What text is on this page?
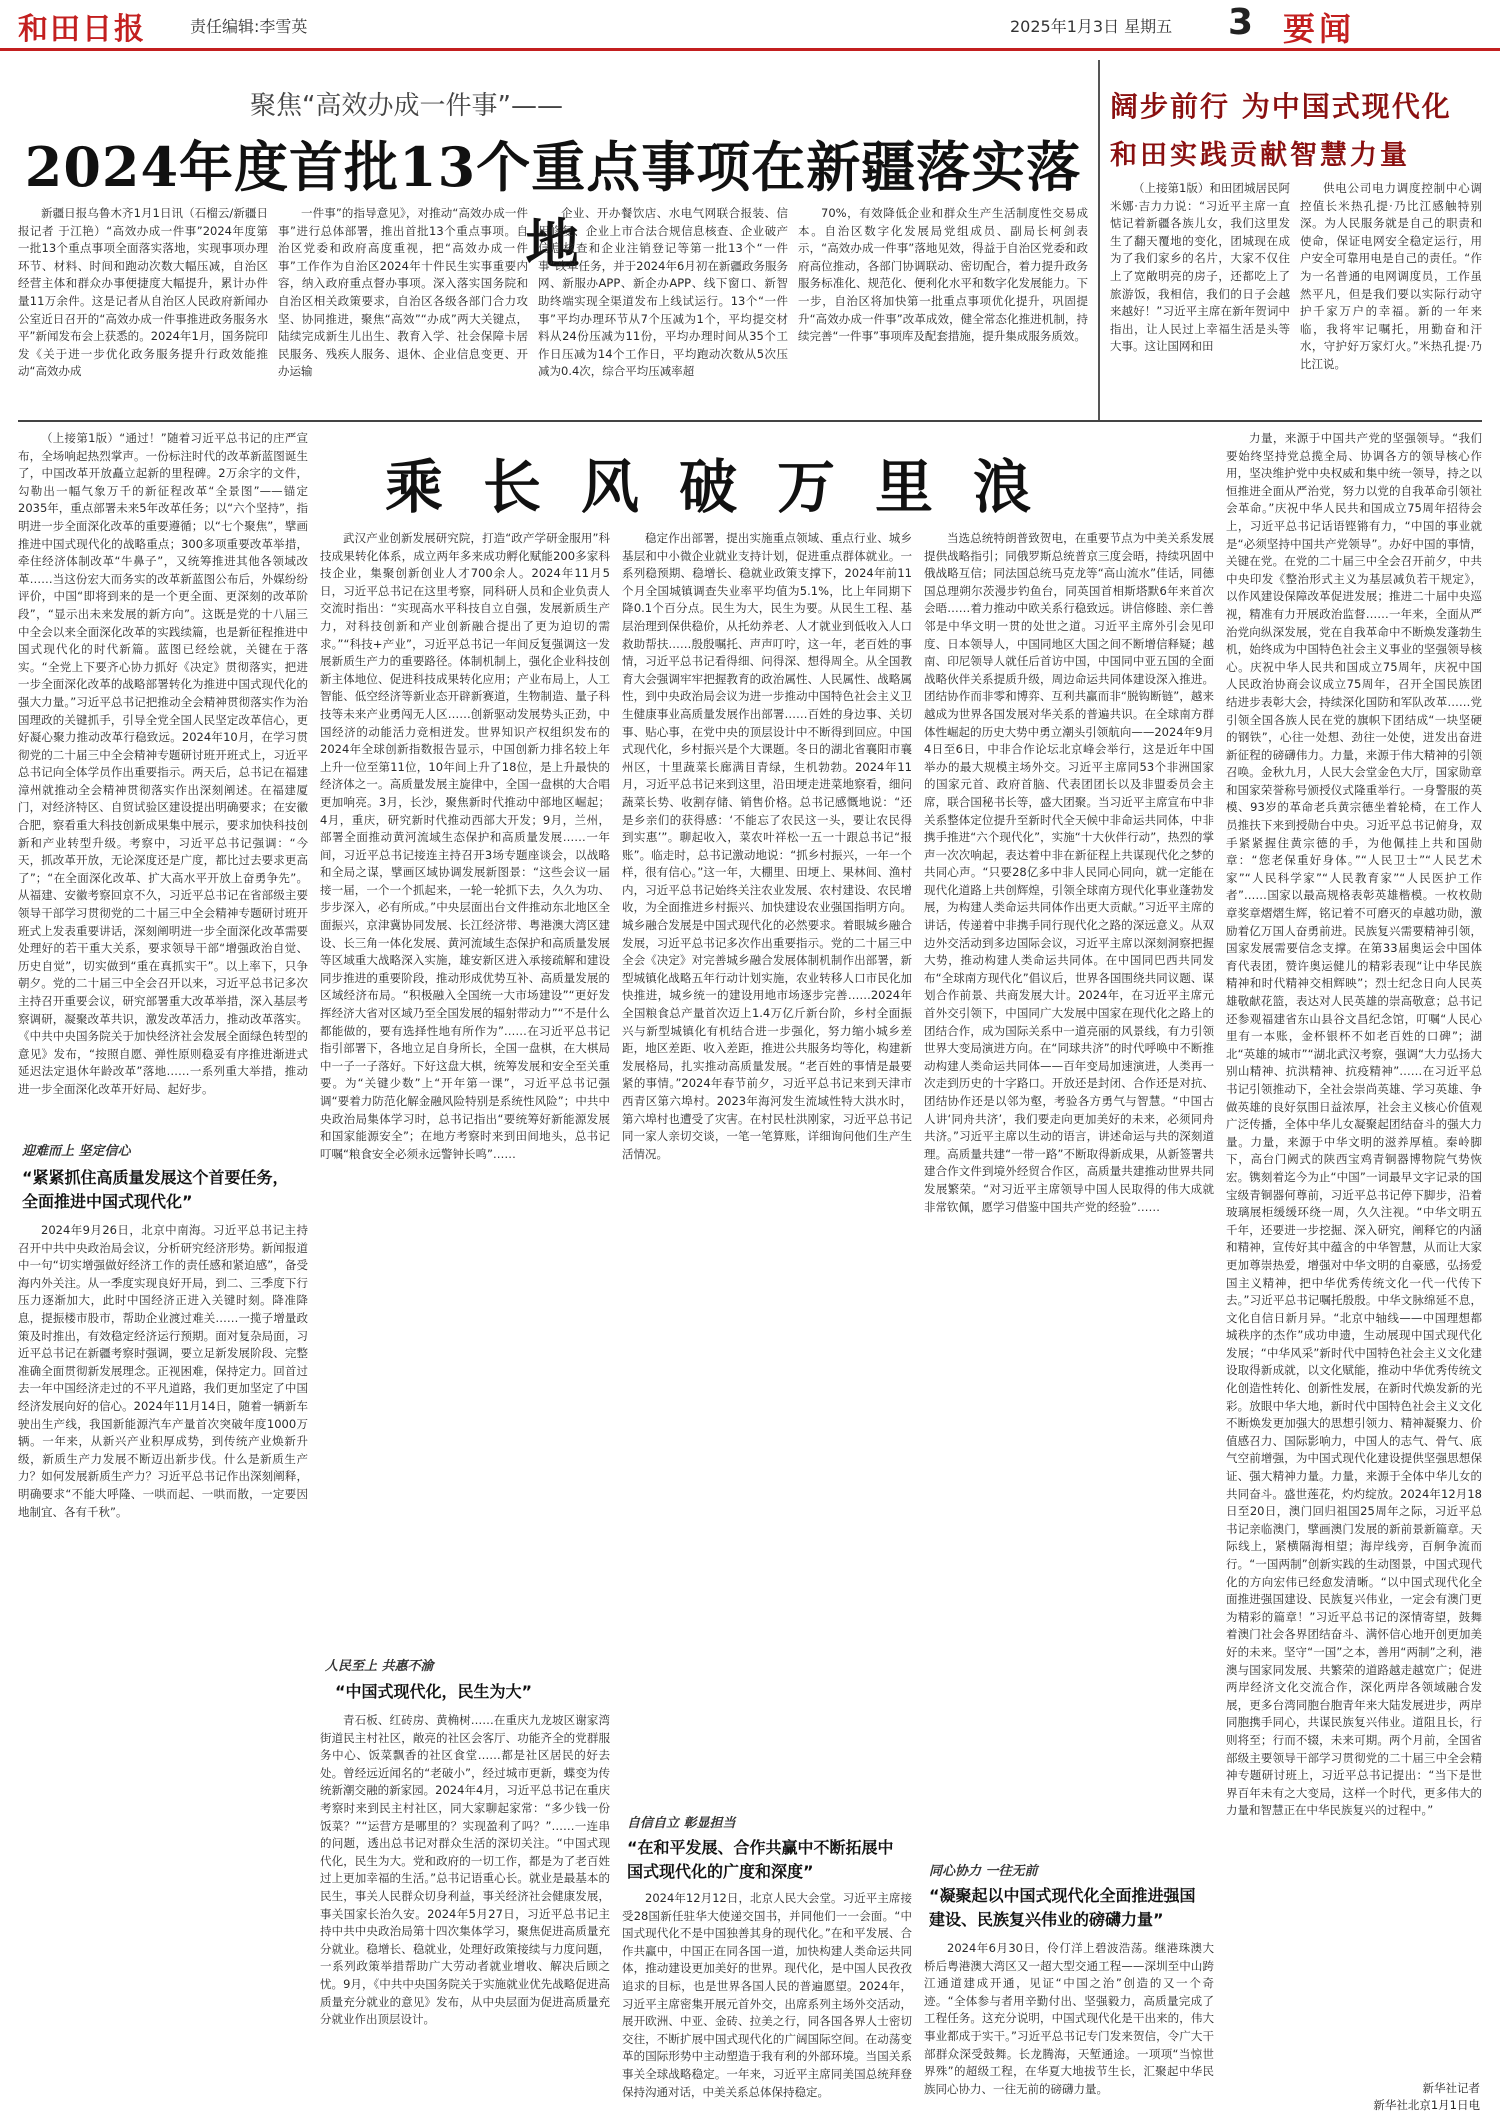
和田日报	责任编辑:李雪英	2025年1月3日 星期五 3 要闻
聚焦“高效办成一件事”——
2024年度首批13个重点事项在新疆落实落地

新疆日报乌鲁木齐1月1日讯（石榴云/新疆日报记者 于江艳）“高效办成一件事”2024年度第一批13个重点事项全面落实落地，实现事项办理环节、材料、时间和跑动次数大幅压减，自治区经营主体和群众办事便捷度大幅提升，累计办件量11万余件。这是记者从自治区人民政府新闻办公室近日召开的“高效办成一件事推进政务服务水平”新闻发布会上获悉的。2024年1月，国务院印发《关于进一步优化政务服务提升行政效能推动“高效办成

一件事”的指导意见》，对推动“高效办成一件事”进行总体部署，推出首批13个重点事项。自治区党委和政府高度重视，把“高效办成一件事”工作作为自治区2024年十件民生实事重要内容，纳入政府重点督办事项。深入落实国务院和自治区相关政策要求，自治区各级各部门合力攻坚、协同推进，聚焦“高效”“办成”两大关键点，陆续完成新生儿出生、教育入学、社会保障卡居民服务、残疾人服务、退休、企业信息变更、开办运输

企业、开办餐饮店、水电气网联合报装、信用修复、企业上市合法合规信息核查、企业破产信息核查和企业注销登记等第一批13个“一件事”改革任务，并于2024年6月初在新疆政务服务网、新服办APP、新企办APP、线下窗口、新智助终端实现全渠道发布上线试运行。13个“一件事”平均办理环节从7个压减为1个，平均提交材料从24份压减为11份，平均办理时间从35个工作日压减为14个工作日，平均跑动次数从5次压减为0.4次，综合平均压减率超

70%，有效降低企业和群众生产生活制度性交易成本。自治区数字化发展局党组成员、副局长柯剑表示，“高效办成一件事”落地见效，得益于自治区党委和政府高位推动，各部门协调联动、密切配合，着力提升政务服务标准化、规范化、便利化水平和数字化发展能力。下一步，自治区将加快第一批重点事项优化提升，巩固提升“高效办成一件事”改革成效，健全常态化推进机制，持续完善“一件事”事项库及配套措施，提升集成服务质效。

阔步前行 为中国式现代化
和田实践贡献智慧力量

（上接第1版）和田团城居民阿米娜·吉力力说：“习近平主席一直惦记着新疆各族儿女，我们这里发生了翻天覆地的变化，团城现在成为了我们家乡的名片，大家不仅住上了宽敞明亮的房子，还都吃上了旅游饭，我相信，我们的日子会越来越好！”习近平主席在新年贺词中指出，让人民过上幸福生活是头等大事。这让国网和田

供电公司电力调度控制中心调控值长米热孔提·乃比江感触特别深。为人民服务就是自己的职责和使命，保证电网安全稳定运行，用户安全可靠用电是自己的责任。“作为一名普通的电网调度员，工作虽然平凡，但是我们要以实际行动守护千家万户的幸福。新的一年来临，我将牢记嘱托，用勤奋和汗水，守护好万家灯火。”米热孔提·乃比江说。

乘长风破万里浪

（上接第1版）“通过！”随着习近平总书记的庄严宣布，全场响起热烈掌声。一份标注时代的改革新蓝图诞生了，中国改革开放矗立起新的里程碑。2万余字的文件，勾勒出一幅气象万千的新征程改革“全景图”——锚定2035年，重点部署未来5年改革任务；以“六个坚持”，指明进一步全面深化改革的重要遵循；以“七个聚焦”，擘画推进中国式现代化的战略重点；300多项重要改革举措，牵住经济体制改革“牛鼻子”，又统筹推进其他各领域改革……当这份宏大而务实的改革新蓝图公布后，外媒纷纷评价，中国“即将到来的是一个更全面、更深刻的改革阶段”，“显示出未来发展的新方向”。这既是党的十八届三中全会以来全面深化改革的实践续篇，也是新征程推进中国式现代化的时代新篇。蓝图已经绘就，关键在于落实。“全党上下要齐心协力抓好《决定》贯彻落实，把进一步全面深化改革的战略部署转化为推进中国式现代化的强大力量。”习近平总书记把推动全会精神贯彻落实作为治国理政的关键抓手，引导全党全国人民坚定改革信心，更好凝心聚力推动改革行稳致远。2024年10月，在学习贯彻党的二十届三中全会精神专题研讨班开班式上，习近平总书记向全体学员作出重要指示。两天后，总书记在福建漳州就推动全会精神贯彻落实作出深刻阐述。在福建厦门，对经济特区、自贸试验区建设提出明确要求；在安徽合肥，察看重大科技创新成果集中展示，要求加快科技创新和产业转型升级。考察中，习近平总书记强调：“今天，抓改革开放，无论深度还是广度，都比过去要求更高了”；“在全面深化改革、扩大高水平开放上奋勇争先”。从福建、安徽考察回京不久，习近平总书记在省部级主要领导干部学习贯彻党的二十届三中全会精神专题研讨班开班式上发表重要讲话，深刻阐明进一步全面深化改革需要处理好的若干重大关系，要求领导干部“增强政治自觉、历史自觉”，切实做到“重在真抓实干”。以上率下，只争朝夕。党的二十届三中全会召开以来，习近平总书记多次主持召开重要会议，研究部署重大改革举措，深入基层考察调研，凝聚改革共识，激发改革活力，推动改革落实。《中共中央国务院关于加快经济社会发展全面绿色转型的意见》发布，“按照自愿、弹性原则稳妥有序推进渐进式延迟法定退休年龄改革”落地……一系列重大举措，推动进一步全面深化改革开好局、起好步。

迎难而上 坚定信心
“紧紧抓住高质量发展这个首要任务，全面推进中国式现代化”

2024年9月26日，北京中南海。习近平总书记主持召开中共中央政治局会议，分析研究经济形势。新闻报道中一句“切实增强做好经济工作的责任感和紧迫感”，备受海内外关注。从一季度实现良好开局，到二、三季度下行压力逐渐加大，此时中国经济正进入关键时刻。降准降息，提振楼市股市，帮助企业渡过难关……一揽子增量政策及时推出，有效稳定经济运行预期。面对复杂局面，习近平总书记在新疆考察时强调，要立足新发展阶段、完整准确全面贯彻新发展理念。正视困难，保持定力。回首过去一年中国经济走过的不平凡道路，我们更加坚定了中国经济发展向好的信心。2024年11月14日，随着一辆新车驶出生产线，我国新能源汽车产量首次突破年度1000万辆。一年来，从新兴产业积厚成势，到传统产业焕新升级，新质生产力发展不断迈出新步伐。什么是新质生产力？如何发展新质生产力？习近平总书记作出深刻阐释，明确要求“不能大呼隆、一哄而起、一哄而散，一定要因地制宜、各有千秋”。

武汉产业创新发展研究院，打造“政产学研金服用”科技成果转化体系，成立两年多来成功孵化赋能200多家科技企业，集聚创新创业人才700余人。2024年11月5日，习近平总书记在这里考察，同科研人员和企业负责人交流时指出：“实现高水平科技自立自强，发展新质生产力，对科技创新和产业创新融合提出了更为迫切的需求。”“科技+产业”，习近平总书记一年间反复强调这一发展新质生产力的重要路径。体制机制上，强化企业科技创新主体地位、促进科技成果转化应用；产业布局上，人工智能、低空经济等新业态开辟新赛道，生物制造、量子科技等未来产业勇闯无人区……创新驱动发展势头正劲，中国经济的动能活力竞相迸发。世界知识产权组织发布的2024年全球创新指数报告显示，中国创新力排名较上年上升一位至第11位，10年间上升了18位，是上升最快的经济体之一。高质量发展主旋律中，全国一盘棋的大合唱更加响亮。3月，长沙，聚焦新时代推动中部地区崛起；4月，重庆，研究新时代推动西部大开发；9月，兰州，部署全面推动黄河流域生态保护和高质量发展……一年间，习近平总书记接连主持召开3场专题座谈会，以战略和全局之谋，擘画区域协调发展新图景：“这些会议一届接一届，一个一个抓起来，一轮一轮抓下去，久久为功、步步深入，必有所成。”中央层面出台文件推动东北地区全面振兴，京津冀协同发展、长江经济带、粤港澳大湾区建设、长三角一体化发展、黄河流域生态保护和高质量发展等区域重大战略深入实施，雄安新区进入承接疏解和建设同步推进的重要阶段，推动形成优势互补、高质量发展的区域经济布局。“积极融入全国统一大市场建设”“更好发挥经济大省对区域乃至全国发展的辐射带动力”“不是什么都能做的，要有选择性地有所作为”……在习近平总书记指引部署下，各地立足自身所长，全国一盘棋，在大棋局中一子一子落好。下好这盘大棋，统筹发展和安全至关重要。为“关键少数”上“开年第一课”，习近平总书记强调“要着力防范化解金融风险特别是系统性风险”；中共中央政治局集体学习时，总书记指出“要统筹好新能源发展和国家能源安全”；在地方考察时来到田间地头，总书记叮嘱“粮食安全必须永远警钟长鸣”……

人民至上 共惠不渝
“中国式现代化，民生为大”

青石板、红砖房、黄桷树……在重庆九龙坡区谢家湾街道民主村社区，敞亮的社区会客厅、功能齐全的党群服务中心、饭菜飘香的社区食堂……都是社区居民的好去处。曾经远近闻名的“老破小”，经过城市更新，蝶变为传统新潮交融的新家园。2024年4月，习近平总书记在重庆考察时来到民主村社区，同大家聊起家常：“多少钱一份饭菜？”“运营方是哪里的？实现盈利了吗？”……一连串的问题，透出总书记对群众生活的深切关注。“中国式现代化，民生为大。党和政府的一切工作，都是为了老百姓过上更加幸福的生活。”总书记语重心长。就业是最基本的民生，事关人民群众切身利益，事关经济社会健康发展，事关国家长治久安。2024年5月27日，习近平总书记主持中共中央政治局第十四次集体学习，聚焦促进高质量充分就业。稳增长、稳就业，处理好政策接续与力度问题，一系列政策举措帮助广大劳动者就业增收、解决后顾之忧。9月，《中共中央国务院关于实施就业优先战略促进高质量充分就业的意见》发布，从中央层面为促进高质量充分就业作出顶层设计。

稳定作出部署，提出实施重点领域、重点行业、城乡基层和中小微企业就业支持计划，促进重点群体就业。一系列稳预期、稳增长、稳就业政策支撑下，2024年前11个月全国城镇调查失业率平均值为5.1%，比上年同期下降0.1个百分点。民生为大，民生为要。从民生工程、基层治理到保供稳价，从托幼养老、人才就业到低收入人口救助帮扶……殷殷嘱托、声声叮咛，这一年，老百姓的事情，习近平总书记看得细、问得深、想得周全。从全国教育大会强调牢牢把握教育的政治属性、人民属性、战略属性，到中央政治局会议为进一步推动中国特色社会主义卫生健康事业高质量发展作出部署……百姓的身边事、关切事、贴心事，在党中央的顶层设计中不断得到回应。中国式现代化，乡村振兴是个大课题。冬日的湖北省襄阳市襄州区，十里蔬菜长廊满目青绿，生机勃勃。2024年11月，习近平总书记来到这里，沿田埂走进菜地察看，细问蔬菜长势、收割存储、销售价格。总书记感慨地说：“还是乡亲们的获得感：‘不能忘了农民这一头，要让农民得到实惠’”。聊起收入，菜农叶祥松一五一十跟总书记“报账”。临走时，总书记激动地说：“抓乡村振兴，一年一个样，很有信心。”这一年，大棚里、田埂上、果林间、渔村内，习近平总书记始终关注农业发展、农村建设、农民增收，为全面推进乡村振兴、加快建设农业强国指明方向。城乡融合发展是中国式现代化的必然要求。着眼城乡融合发展，习近平总书记多次作出重要指示。党的二十届三中全会《决定》对完善城乡融合发展体制机制作出部署，新型城镇化战略五年行动计划实施，农业转移人口市民化加快推进，城乡统一的建设用地市场逐步完善……2024年全国粮食总产量首次迈上1.4万亿斤新台阶，乡村全面振兴与新型城镇化有机结合进一步强化，努力缩小城乡差距，地区差距、收入差距，推进公共服务均等化，构建新发展格局，扎实推动高质量发展。“老百姓的事情是最要紧的事情。”2024年春节前夕，习近平总书记来到天津市西青区第六埠村。2023年海河发生流域性特大洪水时，第六埠村也遭受了灾害。在村民杜洪刚家，习近平总书记同一家人亲切交谈，一笔一笔算账，详细询问他们生产生活情况。

自信自立 彰显担当
“在和平发展、合作共赢中不断拓展中国式现代化的广度和深度”

2024年12月12日，北京人民大会堂。习近平主席接受28国新任驻华大使递交国书，并同他们一一会面。“中国式现代化不是中国独善其身的现代化。”在和平发展、合作共赢中，中国正在同各国一道，加快构建人类命运共同体，推动建设更加美好的世界。现代化，是中国人民孜孜追求的目标，也是世界各国人民的普遍愿望。2024年，习近平主席密集开展元首外交，出席系列主场外交活动，展开欧洲、中亚、金砖、拉美之行，同各国各界人士密切交往，不断扩展中国式现代化的广阔国际空间。在动荡变革的国际形势中主动塑造于我有利的外部环境。当国关系事关全球战略稳定。一年来，习近平主席同美国总统拜登保持沟通对话，中美关系总体保持稳定。

当选总统特朗普致贺电，在重要节点为中美关系发展提供战略指引；同俄罗斯总统普京三度会晤，持续巩固中俄战略互信；同法国总统马克龙等“高山流水”佳话，同德国总理朔尔茨漫步钓鱼台，同英国首相斯塔默6年来首次会晤……着力推动中欧关系行稳致远。讲信修睦、亲仁善邻是中华文明一贯的处世之道。习近平主席外引会见印度、日本领导人，中国同地区大国之间不断增信释疑；越南、印尼领导人就任后首访中国，中国同中亚五国的全面战略伙伴关系提质升级，周边命运共同体建设深入推进。团结协作而非零和博弈、互利共赢而非“脱钩断链”，越来越成为世界各国发展对华关系的普遍共识。在全球南方群体性崛起的历史大势中勇立潮头引领航向——2024年9月4日至6日，中非合作论坛北京峰会举行，这是近年中国举办的最大规模主场外交。习近平主席同53个非洲国家的国家元首、政府首脑、代表团团长以及非盟委员会主席，联合国秘书长等，盛大团聚。当习近平主席宣布中非关系整体定位提升至新时代全天候中非命运共同体，中非携手推进“六个现代化”，实施“十大伙伴行动”，热烈的掌声一次次响起，表达着中非在新征程上共谋现代化之梦的共同心声。“只要28亿多中非人民同心同向，就一定能在现代化道路上共创辉煌，引领全球南方现代化事业蓬勃发展，为构建人类命运共同体作出更大贡献。”习近平主席的讲话，传递着中非携手同行现代化之路的深远意义。从双边外交活动到多边国际会议，习近平主席以深刻洞察把握大势，推动构建人类命运共同体。在中国同巴西共同发布“全球南方现代化”倡议后，世界各国围绕共同议题、谋划合作前景、共商发展大计。2024年，在习近平主席元首外交引领下，中国同广大发展中国家在现代化之路上的团结合作，成为国际关系中一道亮丽的风景线，有力引领世界大变局演进方向。在“同球共济”的时代呼唤中不断推动构建人类命运共同体——百年变局加速演进，人类再一次走到历史的十字路口。开放还是封闭、合作还是对抗、团结协作还是以邻为壑，考验各方勇气与智慧。“中国古人讲‘同舟共济’，我们要走向更加美好的未来，必须同舟共济。”习近平主席以生动的语言，讲述命运与共的深刻道理。高质量共建“一带一路”不断取得新成果，从新签署共建合作文件到境外经贸合作区，高质量共建推动世界共同发展繁荣。“对习近平主席领导中国人民取得的伟大成就非常钦佩，愿学习借鉴中国共产党的经验”……

同心协力 一往无前
“凝聚起以中国式现代化全面推进强国建设、民族复兴伟业的磅礴力量”

2024年6月30日，伶仃洋上碧波浩荡。继港珠澳大桥后粤港澳大湾区又一超大型交通工程——深圳至中山跨江通道建成开通，见证“中国之治”创造的又一个奇迹。“全体参与者用辛勤付出、坚强毅力，高质量完成了工程任务。这充分说明，中国式现代化是干出来的，伟大事业都成于实干。”习近平总书记专门发来贺信，令广大干部群众深受鼓舞。长龙腾海，天堑通途。一项项“当惊世界殊”的超级工程，在华夏大地拔节生长，汇聚起中华民族同心协力、一往无前的磅礴力量。

力量，来源于中国共产党的坚强领导。“我们要始终坚持党总揽全局、协调各方的领导核心作用，坚决维护党中央权威和集中统一领导，持之以恒推进全面从严治党，努力以党的自我革命引领社会革命。”庆祝中华人民共和国成立75周年招待会上，习近平总书记话语铿锵有力，“中国的事业就是“必须坚持中国共产党领导”。办好中国的事情，关键在党。在党的二十届三中全会召开前夕，中共中央印发《整治形式主义为基层减负若干规定》，以作风建设保障改革促进发展；推进二十届中央巡视，精准有力开展政治监督……一年来，全面从严治党向纵深发展，党在自我革命中不断焕发蓬勃生机，始终成为中国特色社会主义事业的坚强领导核心。庆祝中华人民共和国成立75周年，庆祝中国人民政治协商会议成立75周年，召开全国民族团结进步表彰大会，持续深化国防和军队改革……党引领全国各族人民在党的旗帜下团结成“一块坚硬的钢铁”，心往一处想、劲往一处使，迸发出奋进新征程的磅礴伟力。力量，来源于伟大精神的引领召唤。金秋九月，人民大会堂金色大厅，国家勋章和国家荣誉称号颁授仪式隆重举行。一身警服的英模、93岁的革命老兵黄宗德坐着轮椅，在工作人员推扶下来到授勋台中央。习近平总书记俯身，双手紧紧握住黄宗德的手，为他佩挂上共和国勋章：“您老保重好身体。”“人民卫士”“人民艺术家”“人民科学家”“人民教育家”“人民医护工作者”……国家以最高规格表彰英雄楷模。一枚枚勋章奖章熠熠生辉，铭记着不可磨灭的卓越功勋，激励着亿万国人奋勇前进。民族复兴需要精神引领，国家发展需要信念支撑。在第33届奥运会中国体育代表团，赞许奥运健儿的精彩表现“让中华民族精神和时代精神交相辉映”；烈士纪念日向人民英雄敬献花篮，表达对人民英雄的崇高敬意；总书记还参观福建省东山县谷文昌纪念馆，叮嘱“人民心里有一本账，金杯银杯不如老百姓的口碑”；湖北“英雄的城市”“湖北武汉考察，强调“大力弘扬大别山精神、抗洪精神、抗疫精神”……在习近平总书记引领推动下，全社会崇尚英雄、学习英雄、争做英雄的良好氛围日益浓厚，社会主义核心价值观广泛传播，全体中华儿女凝聚起团结奋斗的强大力量。力量，来源于中华文明的滋养厚植。秦岭脚下，高台门阙式的陕西宝鸡青铜器博物院气势恢宏。镌刻着迄今为止“中国”一词最早文字记录的国宝级青铜器何尊前，习近平总书记停下脚步，沿着玻璃展柜缓缓环绕一周，久久注视。“中华文明五千年，还要进一步挖掘、深入研究，阐释它的内涵和精神，宣传好其中蕴含的中华智慧，从而让大家更加尊崇热爱，增强对中华文明的自豪感，弘扬爱国主义精神，把中华优秀传统文化一代一代传下去。”习近平总书记嘱托殷殷。中华文脉绵延不息，文化自信日新月异。“北京中轴线——中国理想都城秩序的杰作”成功申遗，生动展现中国式现代化发展；“中华风采”新时代中国特色社会主义文化建设取得新成就，以文化赋能，推动中华优秀传统文化创造性转化、创新性发展，在新时代焕发新的光彩。放眼中华大地，新时代中国特色社会主义文化不断焕发更加强大的思想引领力、精神凝聚力、价值感召力、国际影响力，中国人的志气、骨气、底气空前增强，为中国式现代化建设提供坚强思想保证、强大精神力量。力量，来源于全体中华儿女的共同奋斗。盛世莲花，灼灼绽放。2024年12月18日至20日，澳门回归祖国25周年之际，习近平总书记亲临澳门，擘画澳门发展的新前景新篇章。天际线上，紧横隔海相望；海岸线旁，百舸争流而行。“一国两制”创新实践的生动图景，中国式现代化的方向宏伟已经愈发清晰。“以中国式现代化全面推进强国建设、民族复兴伟业，一定会有澳门更为精彩的篇章！”习近平总书记的深情寄望，鼓舞着澳门社会各界团结奋斗、满怀信心地开创更加美好的未来。坚守“一国”之本，善用“两制”之利，港澳与国家同发展、共繁荣的道路越走越宽广；促进两岸经济文化交流合作，深化两岸各领域融合发展，更多台湾同胞台胞青年来大陆发展进步，两岸同胞携手同心，共谋民族复兴伟业。道阻且长，行则将至；行而不辍，未来可期。两个月前，全国省部级主要领导干部学习贯彻党的二十届三中全会精神专题研讨班上，习近平总书记提出：“当下是世界百年未有之大变局，这样一个时代，更多伟大的力量和智慧正在中华民族复兴的过程中。”

新华社记者
新华社北京1月1日电
